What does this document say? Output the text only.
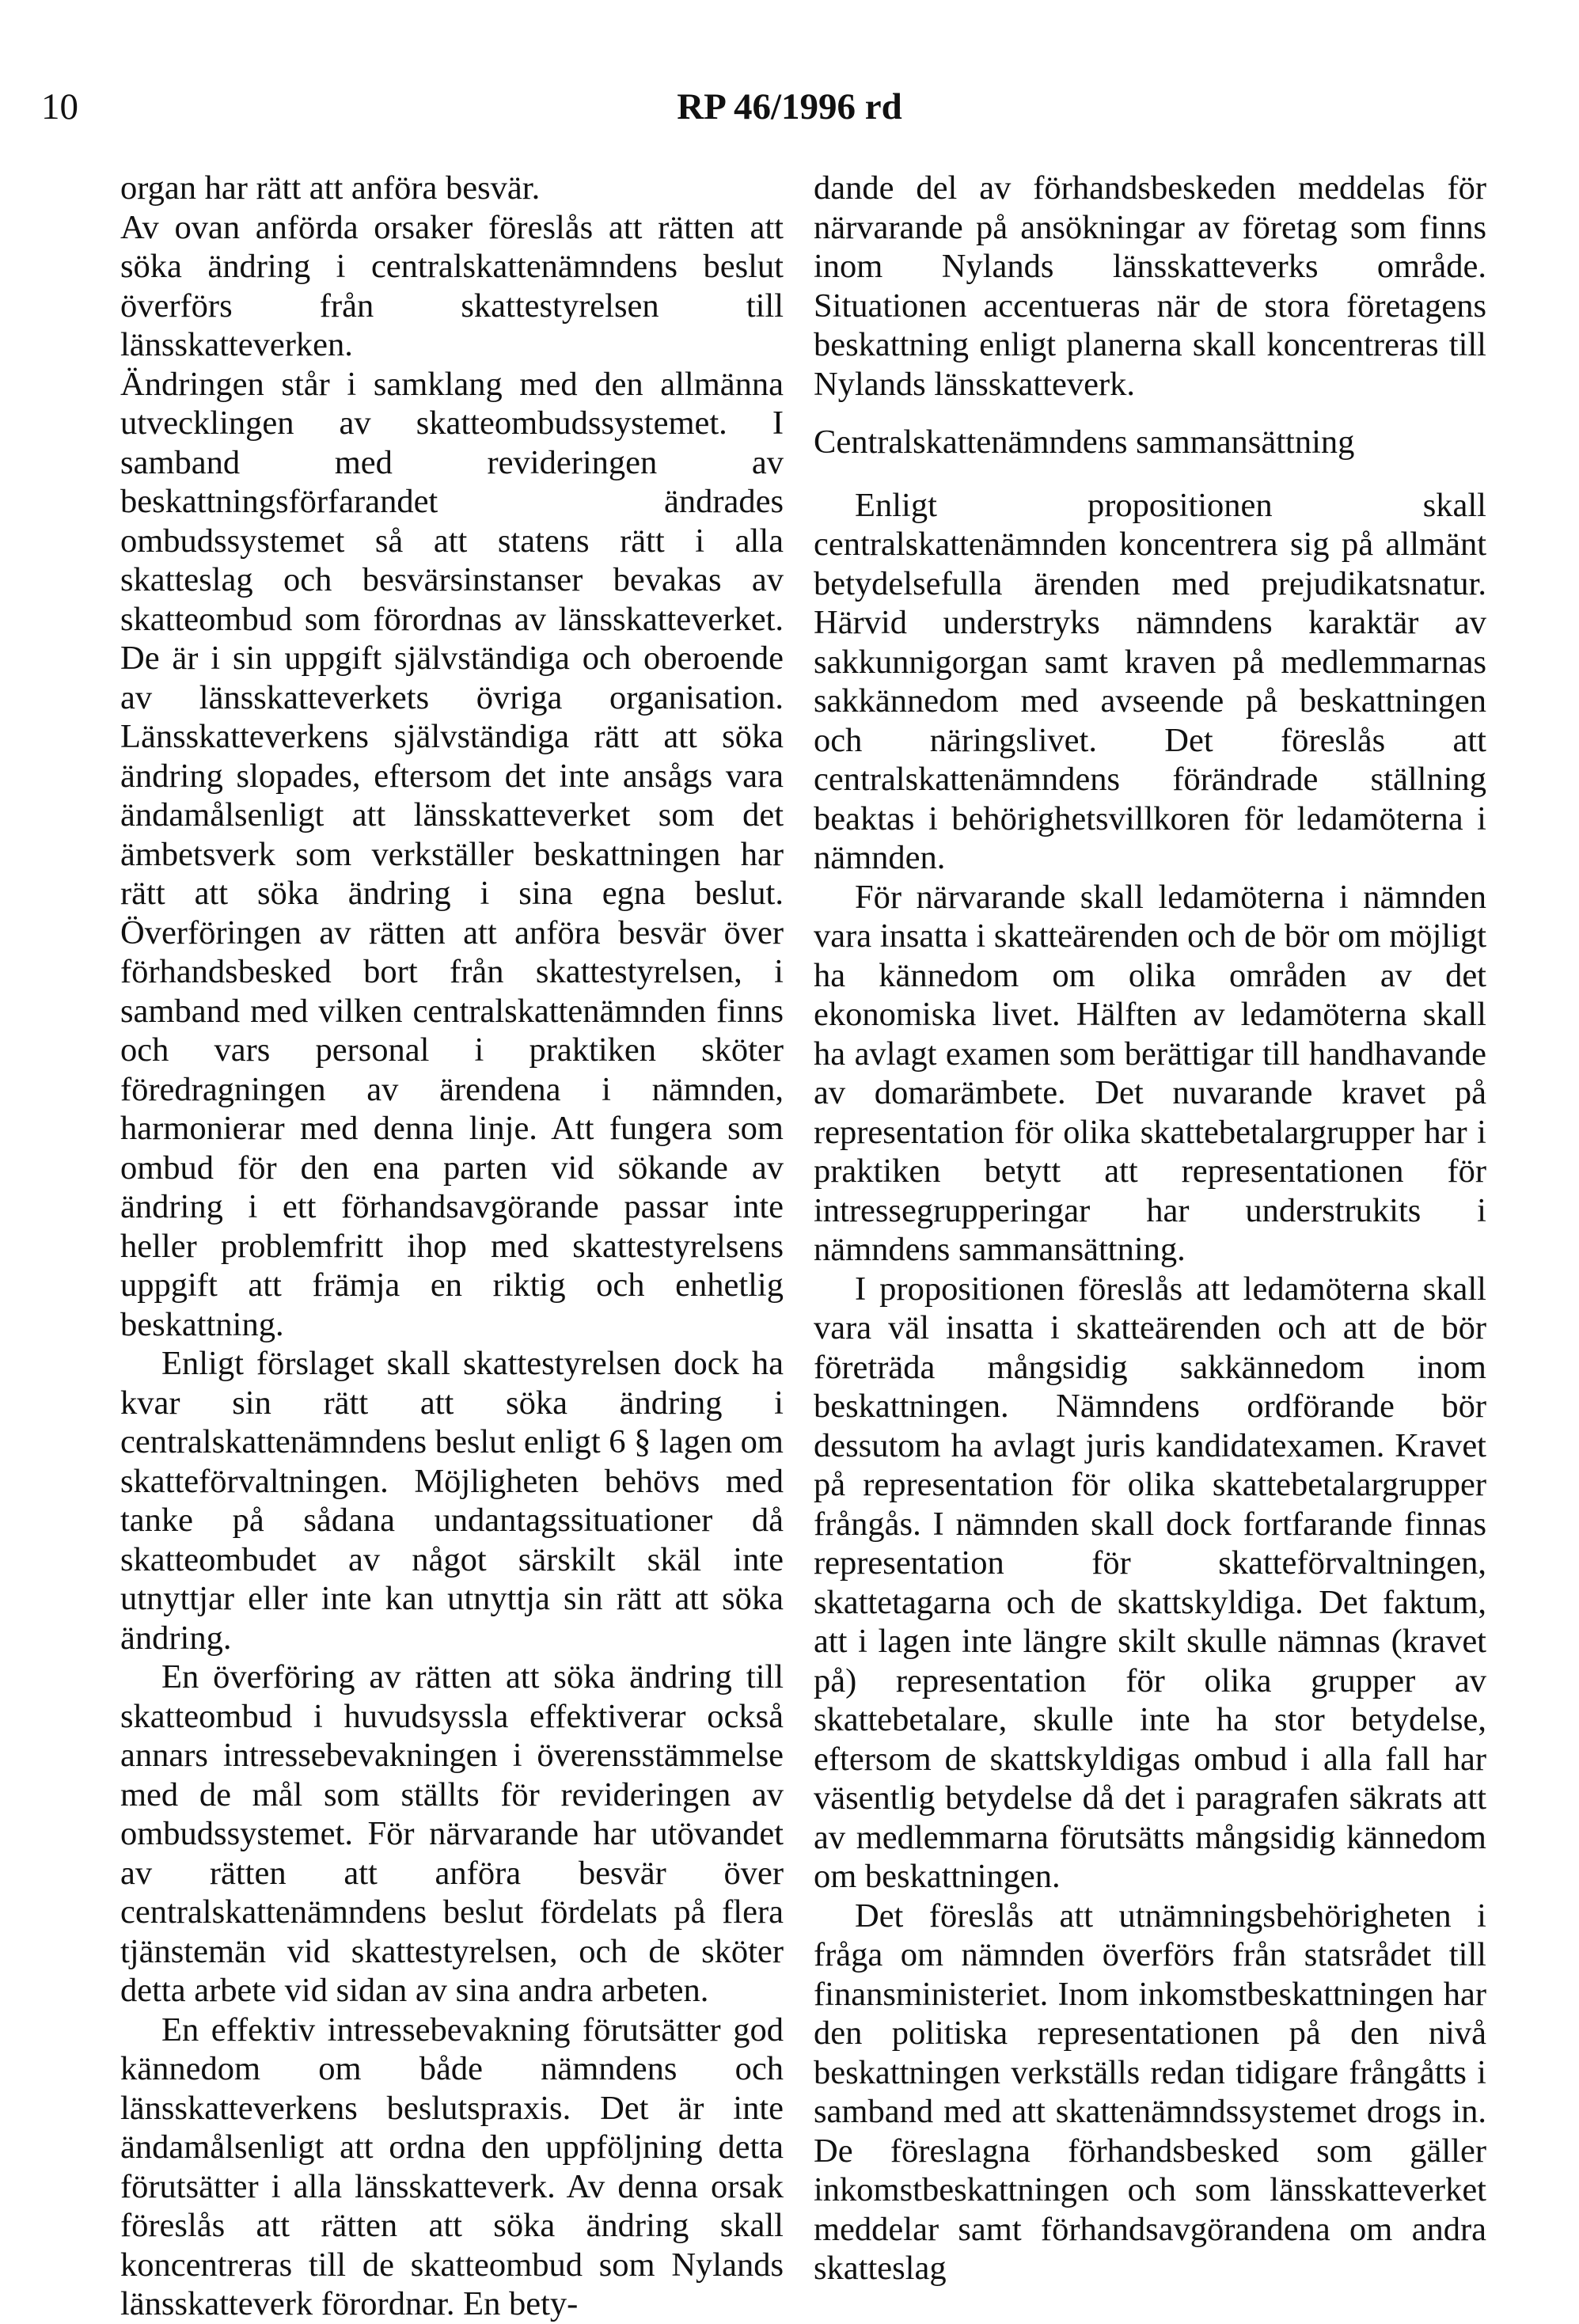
10	RP 46/1996 rd

organ har rätt att anföra besvär.

Av ovan anförda orsaker föreslås att rätten att söka ändring i centralskattenämndens beslut överförs från skattestyrelsen till länsskatteverken.

Ändringen står i samklang med den allmänna utvecklingen av skatteombudssystemet. I samband med revideringen av beskattningsförfarandet ändrades ombudssystemet så att statens rätt i alla skatteslag och besvärsinstanser bevakas av skatteombud som förordnas av länsskatteverket. De är i sin uppgift självständiga och oberoende av länsskatteverkets övriga organisation. Länsskatteverkens självständiga rätt att söka ändring slopades, eftersom det inte ansågs vara ändamålsenligt att länsskatteverket som det ämbetsverk som verkställer beskattningen har rätt att söka ändring i sina egna beslut. Överföringen av rätten att anföra besvär över förhandsbesked bort från skattestyrelsen, i samband med vilken centralskattenämnden finns och vars personal i praktiken sköter föredragningen av ärendena i nämnden, harmonierar med denna linje. Att fungera som ombud för den ena parten vid sökande av ändring i ett förhandsavgörande passar inte heller problemfritt ihop med skattestyrelsens uppgift att främja en riktig och enhetlig beskattning.

Enligt förslaget skall skattestyrelsen dock ha kvar sin rätt att söka ändring i centralskattenämndens beslut enligt 6 § lagen om skatteförvaltningen. Möjligheten behövs med tanke på sådana undantagssituationer då skatteombudet av något särskilt skäl inte utnyttjar eller inte kan utnyttja sin rätt att söka ändring.

En överföring av rätten att söka ändring till skatteombud i huvudsyssla effektiverar också annars intressebevakningen i överensstämmelse med de mål som ställts för revideringen av ombudssystemet. För närvarande har utövandet av rätten att anföra besvär över centralskattenämndens beslut fördelats på flera tjänstemän vid skattestyrelsen, och de sköter detta arbete vid sidan av sina andra arbeten.

En effektiv intressebevakning förutsätter god kännedom om både nämndens och länsskatteverkens beslutspraxis. Det är inte ändamålsenligt att ordna den uppföljning detta förutsätter i alla länsskatteverk. Av denna orsak föreslås att rätten att söka ändring skall koncentreras till de skatteombud som Nylands länsskatteverk förordnar. En bety-

dande del av förhandsbeskeden meddelas för närvarande på ansökningar av företag som finns inom Nylands länsskatteverks område. Situationen accentueras när de stora företagens beskattning enligt planerna skall koncentreras till Nylands länsskatteverk.

Centralskattenämndens sammansättning

Enligt propositionen skall centralskattenämnden koncentrera sig på allmänt betydelsefulla ärenden med prejudikatsnatur. Härvid understryks nämndens karaktär av sakkunnigorgan samt kraven på medlemmarnas sakkännedom med avseende på beskattningen och näringslivet. Det föreslås att centralskattenämndens förändrade ställning beaktas i behörighetsvillkoren för ledamöterna i nämnden.

För närvarande skall ledamöterna i nämnden vara insatta i skatteärenden och de bör om möjligt ha kännedom om olika områden av det ekonomiska livet. Hälften av ledamöterna skall ha avlagt examen som berättigar till handhavande av domarämbete. Det nuvarande kravet på representation för olika skattebetalargrupper har i praktiken betytt att representationen för intressegrupperingar har understrukits i nämndens sammansättning.

I propositionen föreslås att ledamöterna skall vara väl insatta i skatteärenden och att de bör företräda mångsidig sakkännedom inom beskattningen. Nämndens ordförande bör dessutom ha avlagt juris kandidatexamen. Kravet på representation för olika skattebetalargrupper frångås. I nämnden skall dock fortfarande finnas representation för skatteförvaltningen, skattetagarna och de skattskyldiga. Det faktum, att i lagen inte längre skilt skulle nämnas (kravet på) representation för olika grupper av skattebetalare, skulle inte ha stor betydelse, eftersom de skattskyldigas ombud i alla fall har väsentlig betydelse då det i paragrafen säkrats att av medlemmarna förutsätts mångsidig kännedom om beskattningen.

Det föreslås att utnämningsbehörigheten i fråga om nämnden överförs från statsrådet till finansministeriet. Inom inkomstbeskattningen har den politiska representationen på den nivå beskattningen verkställs redan tidigare frångåtts i samband med att skattenämndssystemet drogs in. De föreslagna förhandsbesked som gäller inkomstbeskattningen och som länsskatteverket meddelar samt förhandsavgörandena om andra skatteslag
